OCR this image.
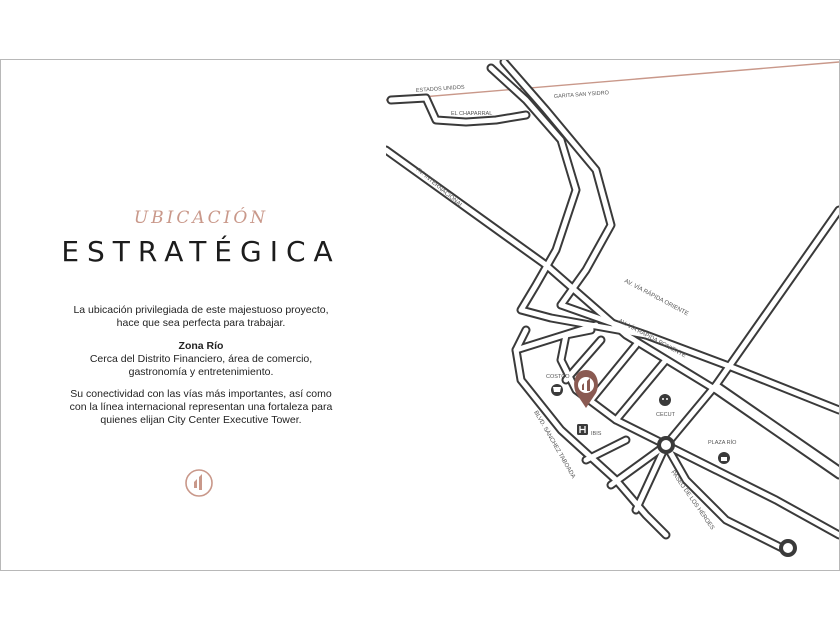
UBICACIÓN
ESTRATÉGICA
La ubicación privilegiada de este majestuoso proyecto, hace que sea perfecta para trabajar.
Zona Río
Cerca del Distrito Financiero, área de comercio, gastronomía y entretenimiento.
Su conectividad con las vías más importantes, así como con la línea internacional representan una fortaleza para quienes elijan City Center Executive Tower.
ESTADOS UNIDOS
GARITA SAN YSIDRO
EL CHAPARRAL
AV. INTERNACIONAL
AV. VÍA RÁPIDA ORIENTE
AV. VÍA RÁPIDA PONIENTE
COSTCO
IBIS
CECUT
PLAZA RÍO
BLVD. SÁNCHEZ TABOADA
PASEO DE LOS HÉROES
